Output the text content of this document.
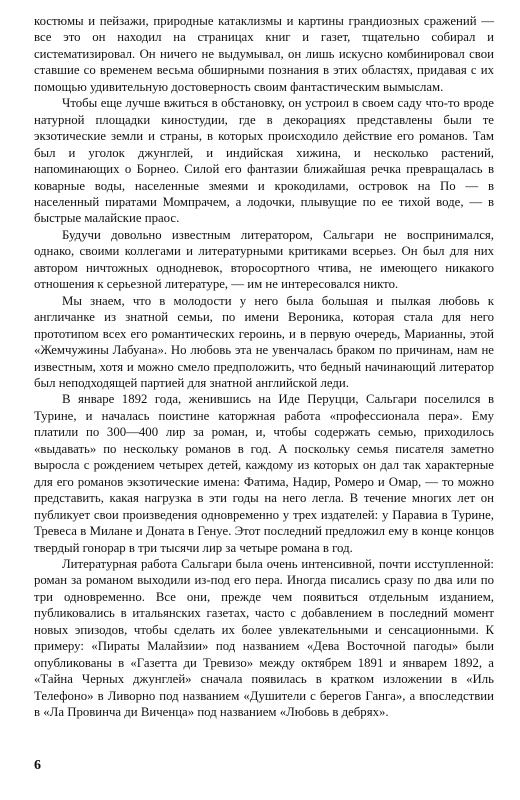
костюмы и пейзажи, природные катаклизмы и картины грандиозных сражений — все это он находил на страницах книг и газет, тщательно собирал и систематизировал. Он ничего не выдумывал, он лишь искусно комбинировал свои ставшие со временем весьма обширными познания в этих областях, придавая с их помощью удивительную достоверность своим фантастическим вымыслам.

Чтобы еще лучше вжиться в обстановку, он устроил в своем саду что-то вроде натурной площадки киностудии, где в декорациях представлены были те экзотические земли и страны, в которых происходило действие его романов. Там был и уголок джунглей, и индийская хижина, и несколько растений, напоминающих о Борнео. Силой его фантазии ближайшая речка превращалась в коварные воды, населенные змеями и крокодилами, островок на По — в населенный пиратами Момпрачем, а лодочки, плывущие по ее тихой воде, — в быстрые малайские праос.

Будучи довольно известным литератором, Сальгари не воспринимался, однако, своими коллегами и литературными критиками всерьез. Он был для них автором ничтожных однодневок, второсортного чтива, не имеющего никакого отношения к серьезной литературе, — им не интересовался никто.

Мы знаем, что в молодости у него была большая и пылкая любовь к англичанке из знатной семьи, по имени Вероника, которая стала для него прототипом всех его романтических героинь, и в первую очередь, Марианны, этой «Жемчужины Лабуана». Но любовь эта не увенчалась браком по причинам, нам не известным, хотя и можно смело предположить, что бедный начинающий литератор был неподходящей партией для знатной английской леди.

В январе 1892 года, женившись на Иде Перуцци, Сальгари поселился в Турине, и началась поистине каторжная работа «профессионала пера». Ему платили по 300—400 лир за роман, и, чтобы содержать семью, приходилось «выдавать» по нескольку романов в год. А поскольку семья писателя заметно выросла с рождением четырех детей, каждому из которых он дал так характерные для его романов экзотические имена: Фатима, Надир, Ромеро и Омар, — то можно представить, какая нагрузка в эти годы на него легла. В течение многих лет он публикует свои произведения одновременно у трех издателей: у Паравиа в Турине, Тревеса в Милане и Доната в Генуе. Этот последний предложил ему в конце концов твердый гонорар в три тысячи лир за четыре романа в год.

Литературная работа Сальгари была очень интенсивной, почти исступленной: роман за романом выходили из-под его пера. Иногда писались сразу по два или по три одновременно. Все они, прежде чем появиться отдельным изданием, публиковались в итальянских газетах, часто с добавлением в последний момент новых эпизодов, чтобы сделать их более увлекательными и сенсационными. К примеру: «Пираты Малайзии» под названием «Дева Восточной пагоды» были опубликованы в «Газетта ди Тревизо» между октябрем 1891 и январем 1892, а «Тайна Черных джунглей» сначала появилась в кратком изложении в «Иль Телефоно» в Ливорно под названием «Душители с берегов Ганга», а впоследствии в «Ла Провинча ди Виченца» под названием «Любовь в дебрях».

6
